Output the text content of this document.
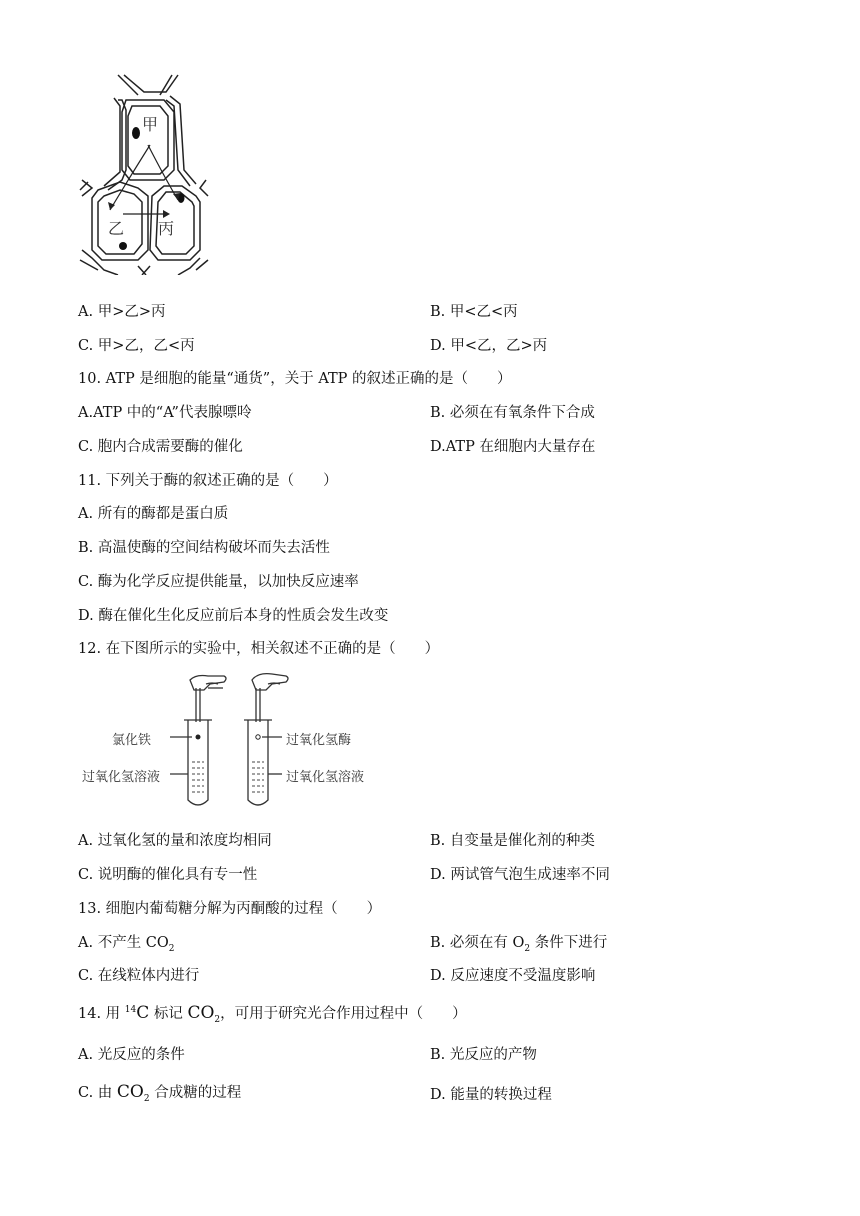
甲
乙 丙
A. 甲>乙>丙	B. 甲<乙<丙
C. 甲>乙，乙<丙	D. 甲<乙，乙>丙
10. ATP 是细胞的能量“通货”，关于 ATP 的叙述正确的是（　　）
A.ATP 中的“A”代表腺嘌呤	B. 必须在有氧条件下合成
C. 胞内合成需要酶的催化	D.ATP 在细胞内大量存在
11. 下列关于酶的叙述正确的是（　　）
A. 所有的酶都是蛋白质
B. 高温使酶的空间结构破坏而失去活性
C. 酶为化学反应提供能量，以加快反应速率
D. 酶在催化生化反应前后本身的性质会发生改变
12. 在下图所示的实验中，相关叙述不正确的是（　　）
氯化铁
过氧化氢溶液
过氧化氢酶
过氧化氢溶液
A. 过氧化氢的量和浓度均相同	B. 自变量是催化剂的种类
C. 说明酶的催化具有专一性	D. 两试管气泡生成速率不同
13. 细胞内葡萄糖分解为丙酮酸的过程（　　）
A. 不产生 $CO_2$	B. 必须在有 $O_2$ 条件下进行
C. 在线粒体内进行	D. 反应速度不受温度影响
14. 用 $^{14}$C 标记 $CO_2$，可用于研究光合作用过程中（　　）
A. 光反应的条件	B. 光反应的产物
C. 由 $CO_2$ 合成糖的过程	D. 能量的转换过程
